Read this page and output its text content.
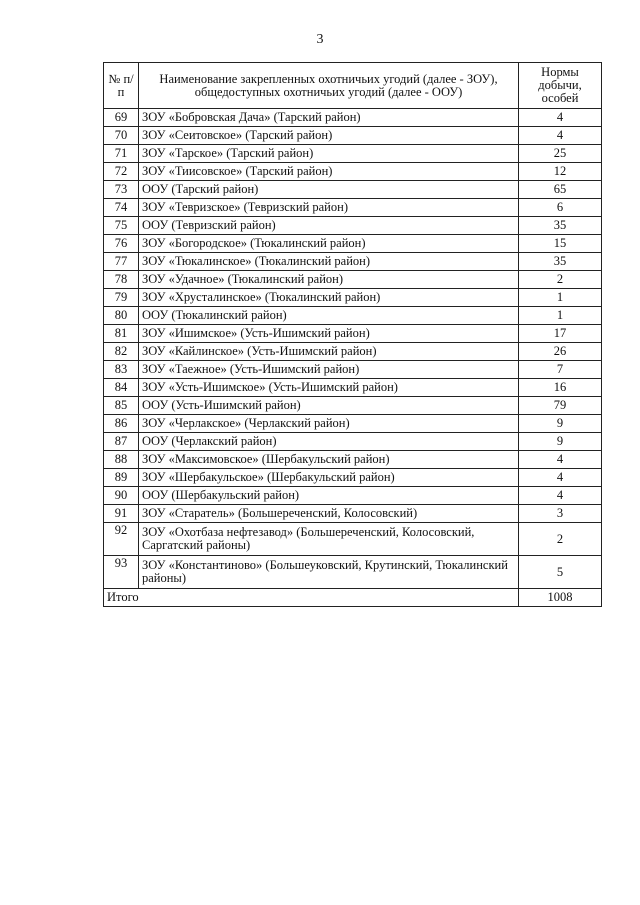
3
№ п/п	Наименование закрепленных охотничьих угодий (далее - ЗОУ), общедоступных охотничьих угодий (далее - ООУ)	Нормы добычи, особей
69	ЗОУ «Бобровская Дача» (Тарский район)	4
70	ЗОУ «Сеитовское» (Тарский район)	4
71	ЗОУ «Тарское» (Тарский район)	25
72	ЗОУ «Тиисовское» (Тарский район)	12
73	ООУ (Тарский район)	65
74	ЗОУ «Тевризское» (Тевризский район)	6
75	ООУ (Тевризский район)	35
76	ЗОУ «Богородское» (Тюкалинский район)	15
77	ЗОУ «Тюкалинское» (Тюкалинский район)	35
78	ЗОУ «Удачное» (Тюкалинский район)	2
79	ЗОУ «Хрусталинское» (Тюкалинский район)	1
80	ООУ (Тюкалинский район)	1
81	ЗОУ «Ишимское» (Усть-Ишимский район)	17
82	ЗОУ «Кайлинское» (Усть-Ишимский район)	26
83	ЗОУ «Таежное» (Усть-Ишимский район)	7
84	ЗОУ «Усть-Ишимское» (Усть-Ишимский район)	16
85	ООУ (Усть-Ишимский район)	79
86	ЗОУ «Черлакское» (Черлакский район)	9
87	ООУ (Черлакский район)	9
88	ЗОУ «Максимовское» (Шербакульский район)	4
89	ЗОУ «Шербакульское» (Шербакульский район)	4
90	ООУ (Шербакульский район)	4
91	ЗОУ «Старатель» (Большереченский, Колосовский)	3
92	ЗОУ «Охотбаза нефтезавод» (Большереченский, Колосовский, Саргатский районы)	2
93	ЗОУ «Константиново» (Большеуковский, Крутинский, Тюкалинский районы)	5
Итого		1008
